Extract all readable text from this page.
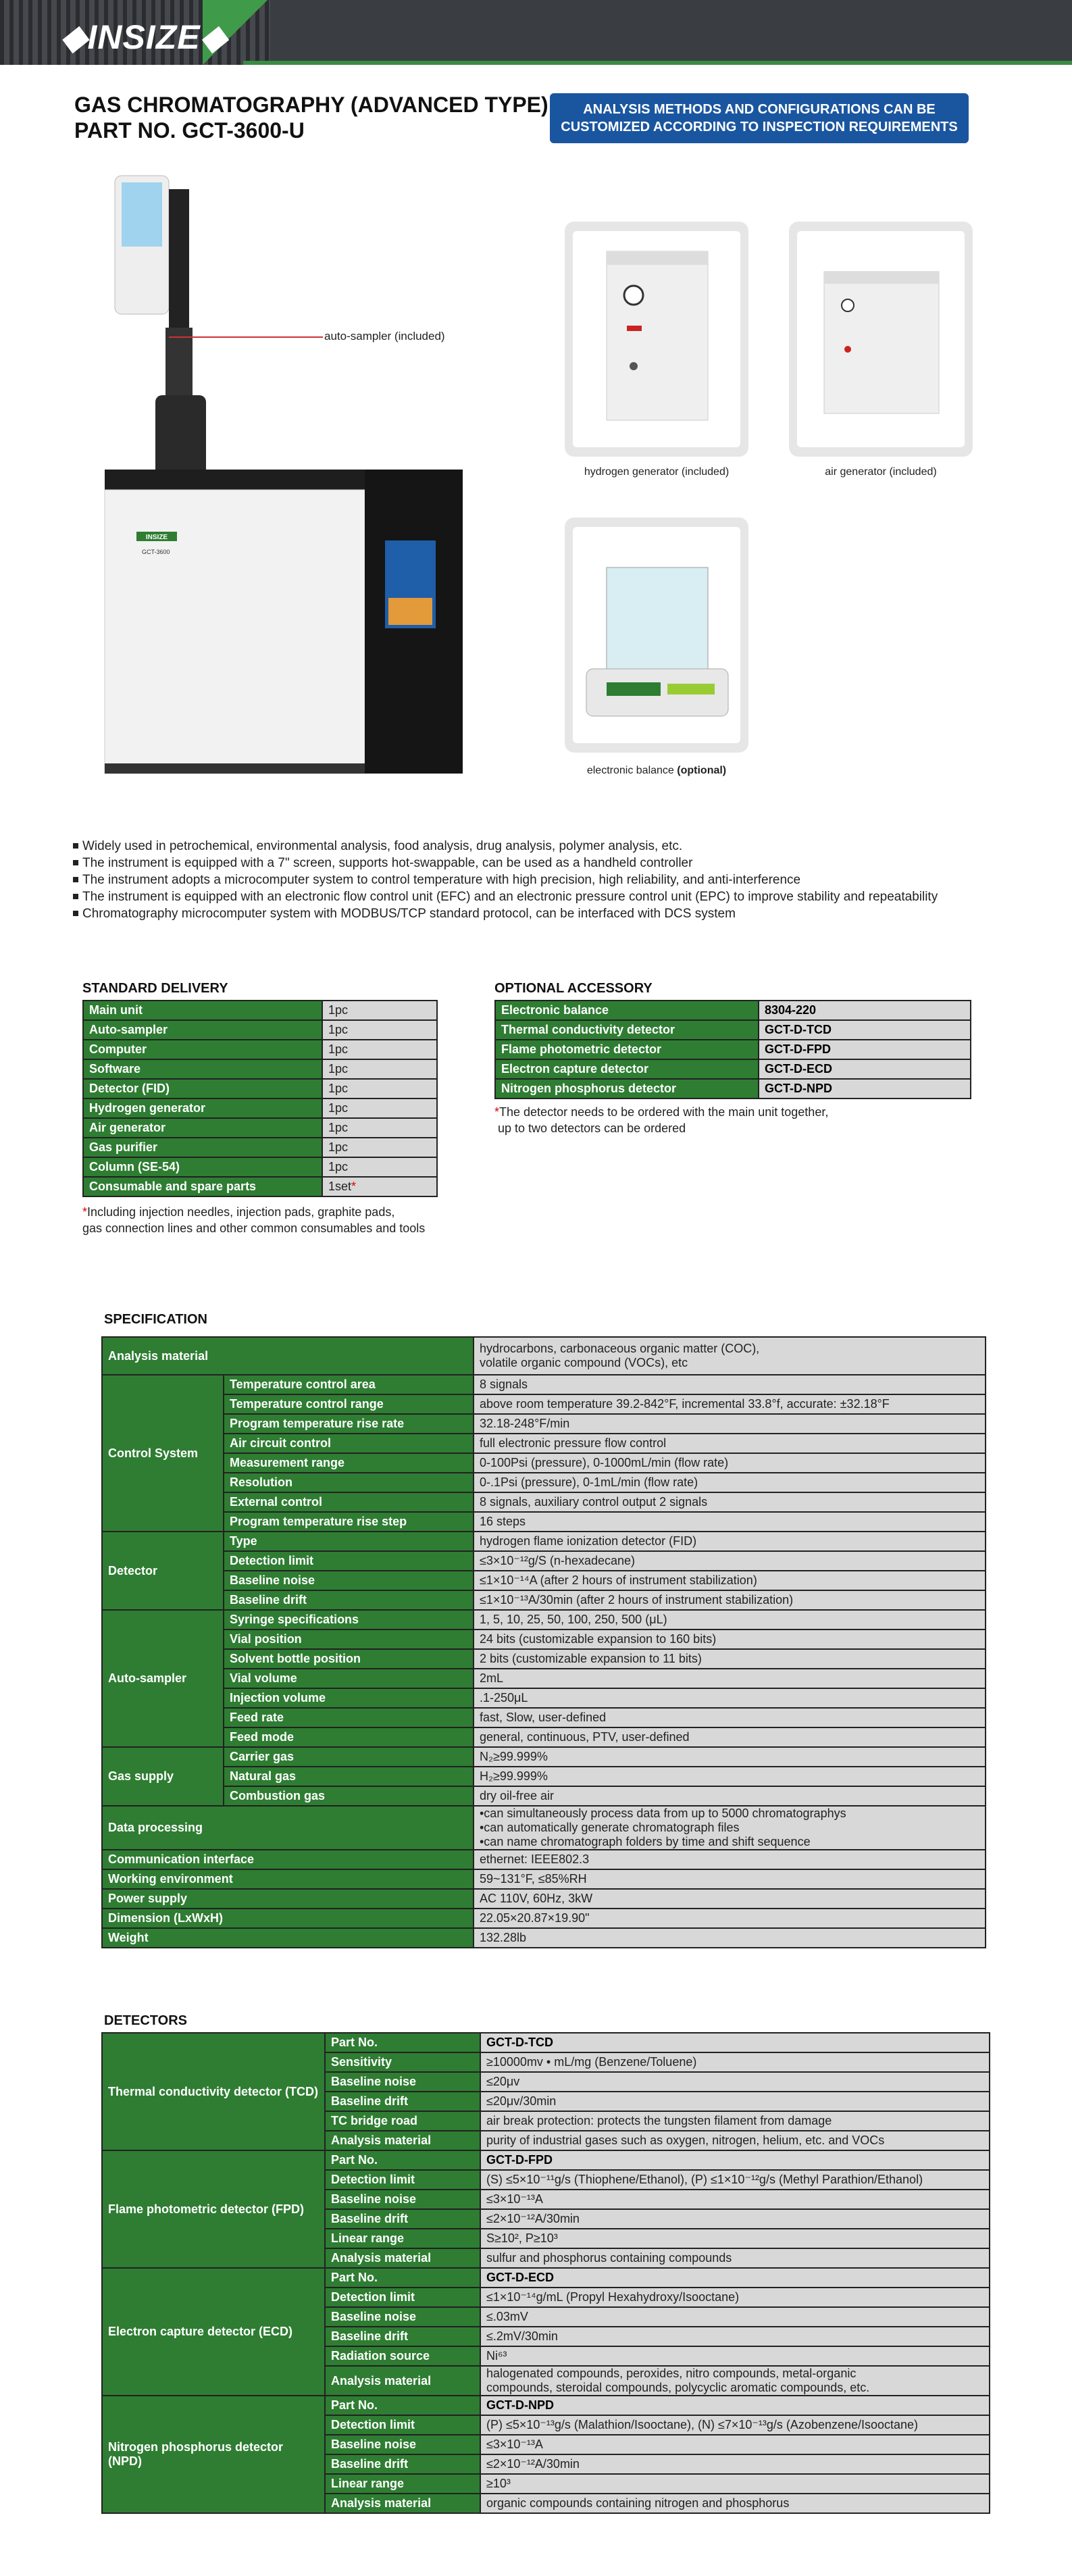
◆INSIZE◆
GAS CHROMATOGRAPHY (ADVANCED TYPE)
PART NO. GCT-3600-U
ANALYSIS METHODS AND CONFIGURATIONS CAN BE CUSTOMIZED ACCORDING TO INSPECTION REQUIREMENTS
INSIZE
GCT-3600
auto-sampler (included)
hydrogen generator (included)	air generator (included)
electronic balance (optional)
Widely used in petrochemical, environmental analysis, food analysis, drug analysis, polymer analysis, etc.
The instrument is equipped with a 7" screen, supports hot-swappable, can be used as a handheld controller
The instrument adopts a microcomputer system to control temperature with high precision, high reliability, and anti-interference
The instrument is equipped with an electronic flow control unit (EFC) and an electronic pressure control unit (EPC) to improve stability and repeatability
Chromatography microcomputer system with MODBUS/TCP standard protocol, can be interfaced with DCS system
STANDARD DELIVERY
Main unit	1pc
Auto-sampler	1pc
Computer	1pc
Software	1pc
Detector (FID)	1pc
Hydrogen generator	1pc
Air generator	1pc
Gas purifier	1pc
Column (SE-54)	1pc
Consumable and spare parts	1set*
*Including injection needles, injection pads, graphite pads,
gas connection lines and other common consumables and tools
OPTIONAL ACCESSORY
Electronic balance	8304-220
Thermal conductivity detector	GCT-D-TCD
Flame photometric detector	GCT-D-FPD
Electron capture detector	GCT-D-ECD
Nitrogen phosphorus detector	GCT-D-NPD
*The detector needs to be ordered with the main unit together,
up to two detectors can be ordered
SPECIFICATION
Analysis material		hydrocarbons, carbonaceous organic matter (COC),
volatile organic compound (VOCs), etc
Control System	Temperature control area	8 signals
	Temperature control range	above room temperature 39.2-842°F, incremental 33.8°f, accurate: ±32.18°F
	Program temperature rise rate	32.18-248°F/min
	Air circuit control	full electronic pressure flow control
	Measurement range	0-100Psi (pressure), 0-1000mL/min (flow rate)
	Resolution	0-.1Psi (pressure), 0-1mL/min (flow rate)
	External control	8 signals, auxiliary control output 2 signals
	Program temperature rise step	16 steps
Detector	Type	hydrogen flame ionization detector (FID)
	Detection limit	≤3×10⁻¹²g/S (n-hexadecane)
	Baseline noise	≤1×10⁻¹⁴A (after 2 hours of instrument stabilization)
	Baseline drift	≤1×10⁻¹³A/30min (after 2 hours of instrument stabilization)
Auto-sampler	Syringe specifications	1, 5, 10, 25, 50, 100, 250, 500 (μL)
	Vial position	24 bits (customizable expansion to 160 bits)
	Solvent bottle position	2 bits (customizable expansion to 11 bits)
	Vial volume	2mL
	Injection volume	.1-250μL
	Feed rate	fast, Slow, user-defined
	Feed mode	general, continuous, PTV, user-defined
Gas supply	Carrier gas	N₂≥99.999%
	Natural gas	H₂≥99.999%
	Combustion gas	dry oil-free air
Data processing		•can simultaneously process data from up to 5000 chromatographys
•can automatically generate chromatograph files
•can name chromatograph folders by time and shift sequence
Communication interface		ethernet: IEEE802.3
Working environment		59~131°F, ≤85%RH
Power supply		AC 110V, 60Hz, 3kW
Dimension (LxWxH)		22.05×20.87×19.90"
Weight		132.28lb
DETECTORS
Thermal conductivity detector (TCD)	Part No.	GCT-D-TCD
	Sensitivity	≥10000mv • mL/mg (Benzene/Toluene)
	Baseline noise	≤20μv
	Baseline drift	≤20μv/30min
	TC bridge road	air break protection: protects the tungsten filament from damage
	Analysis material	purity of industrial gases such as oxygen, nitrogen, helium, etc. and VOCs
Flame photometric detector (FPD)	Part No.	GCT-D-FPD
	Detection limit	(S) ≤5×10⁻¹¹g/s (Thiophene/Ethanol), (P) ≤1×10⁻¹²g/s (Methyl Parathion/Ethanol)
	Baseline noise	≤3×10⁻¹³A
	Baseline drift	≤2×10⁻¹²A/30min
	Linear range	S≥10², P≥10³
	Analysis material	sulfur and phosphorus containing compounds
Electron capture detector (ECD)	Part No.	GCT-D-ECD
	Detection limit	≤1×10⁻¹⁴g/mL (Propyl Hexahydroxy/Isooctane)
	Baseline noise	≤.03mV
	Baseline drift	≤.2mV/30min
	Radiation source	Ni⁶³
	Analysis material	halogenated compounds, peroxides, nitro compounds, metal-organic
compounds, steroidal compounds, polycyclic aromatic compounds, etc.
Nitrogen phosphorus detector (NPD)	Part No.	GCT-D-NPD
	Detection limit	(P) ≤5×10⁻¹³g/s (Malathion/Isooctane), (N) ≤7×10⁻¹³g/s (Azobenzene/Isooctane)
	Baseline noise	≤3×10⁻¹³A
	Baseline drift	≤2×10⁻¹²A/30min
	Linear range	≥10³
	Analysis material	organic compounds containing nitrogen and phosphorus
